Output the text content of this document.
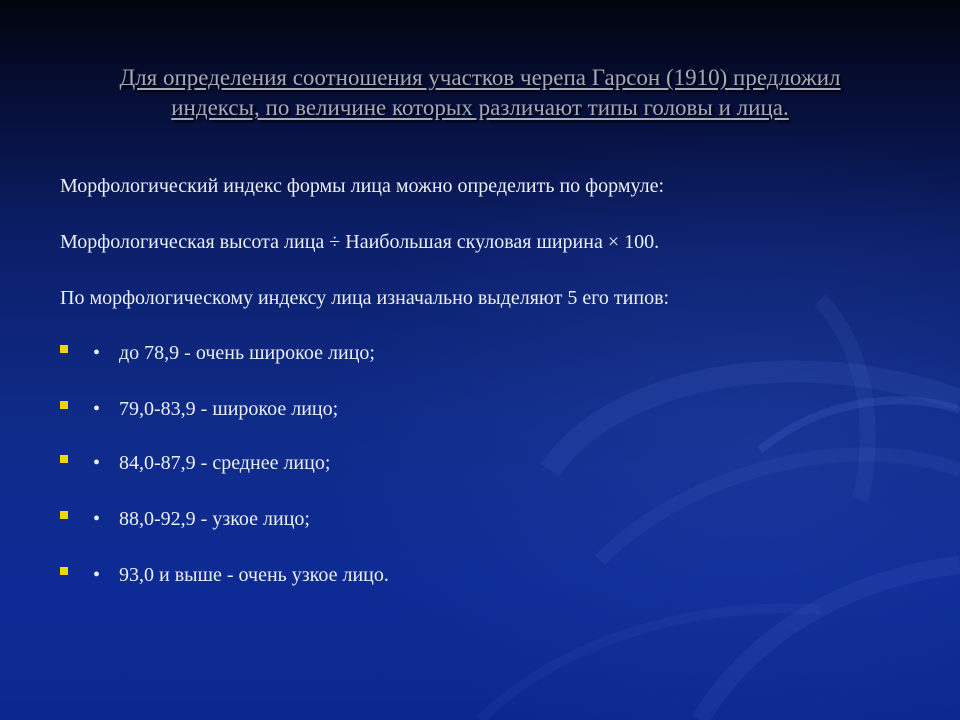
Для определения соотношения участков черепа Гарсон (1910) предложил
индексы, по величине которых различают типы головы и лица.
Морфологический индекс формы лица можно определить по формуле:
Морфологическая высота лица ÷ Наибольшая скуловая ширина × 100.
По морфологическому индексу лица изначально выделяют 5 его типов:
• до 78,9 - очень широкое лицо;
• 79,0-83,9 - широкое лицо;
• 84,0-87,9 - среднее лицо;
• 88,0-92,9 - узкое лицо;
• 93,0 и выше - очень узкое лицо.
